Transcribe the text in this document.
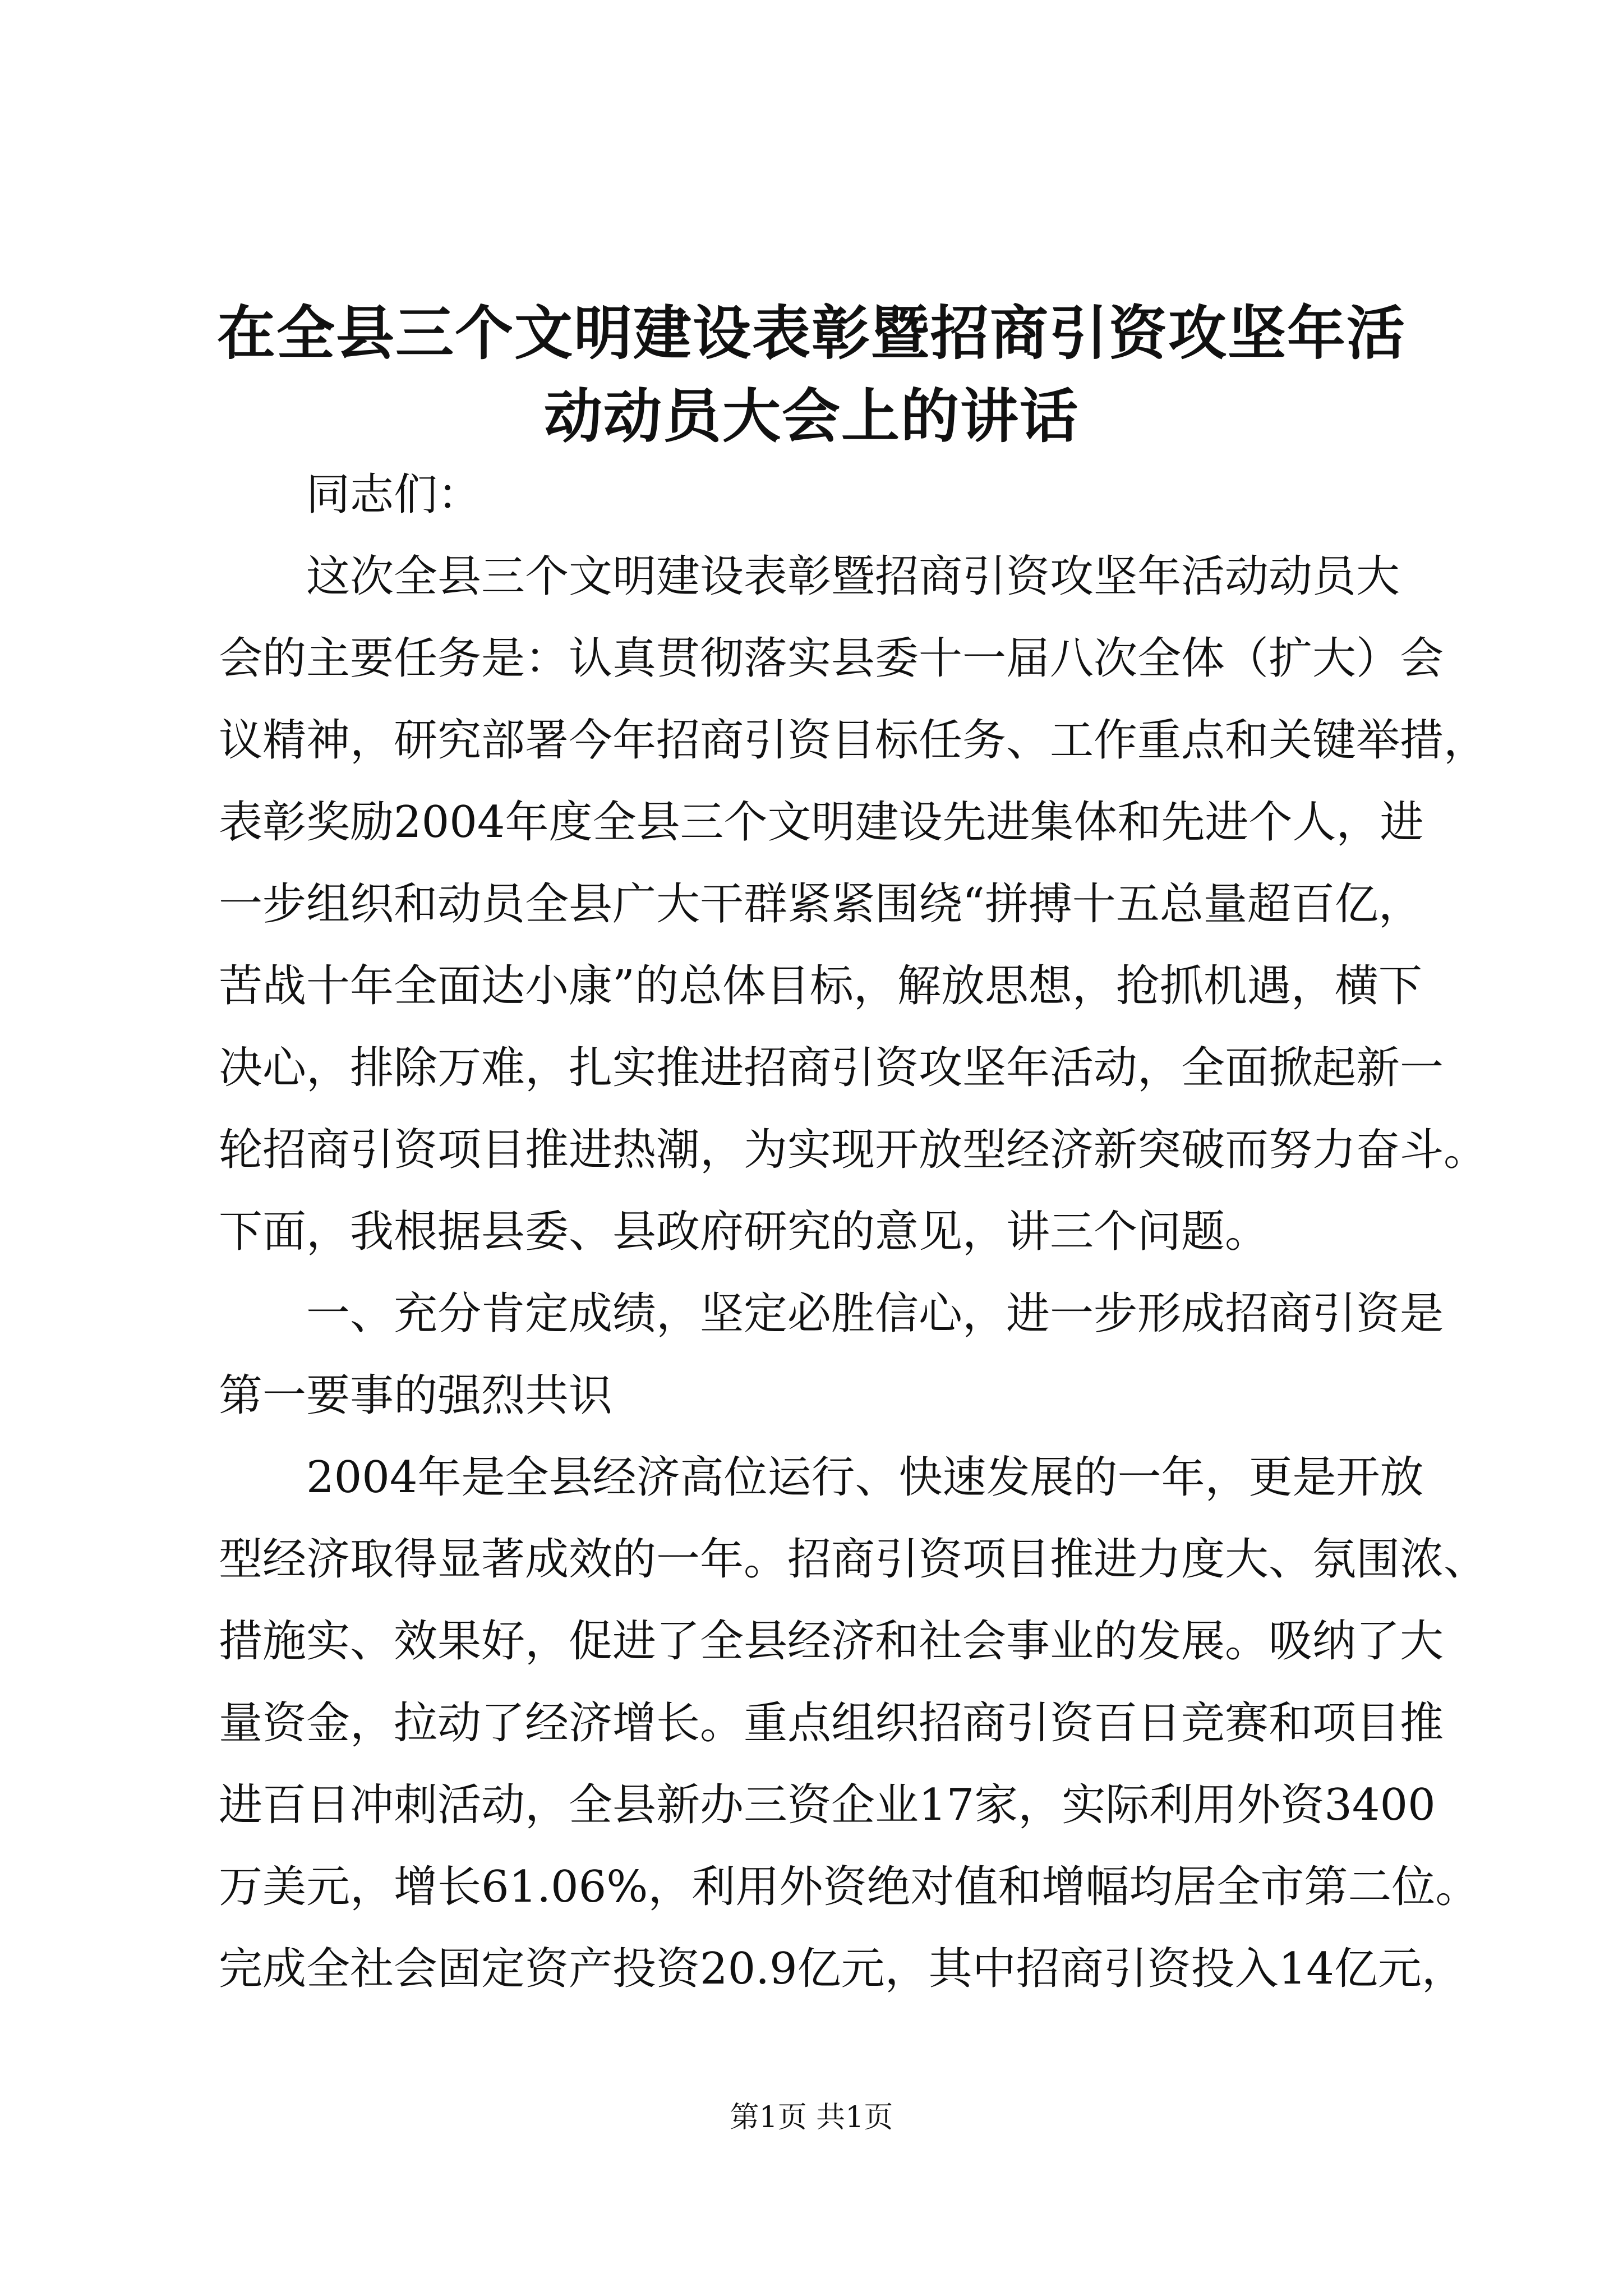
在全县三个文明建设表彰暨招商引资攻坚年活
动动员大会上的讲话

同志们：

这次全县三个文明建设表彰暨招商引资攻坚年活动动员大

会的主要任务是：认真贯彻落实县委十一届八次全体（扩大）会

议精神，研究部署今年招商引资目标任务、工作重点和关键举措，

表彰奖励2004年度全县三个文明建设先进集体和先进个人，进

一步组织和动员全县广大干群紧紧围绕“拼搏十五总量超百亿，

苦战十年全面达小康”的总体目标，解放思想，抢抓机遇，横下

决心，排除万难，扎实推进招商引资攻坚年活动，全面掀起新一

轮招商引资项目推进热潮，为实现开放型经济新突破而努力奋斗。

下面，我根据县委、县政府研究的意见，讲三个问题。

一、充分肯定成绩，坚定必胜信心，进一步形成招商引资是

第一要事的强烈共识

2004年是全县经济高位运行、快速发展的一年，更是开放

型经济取得显著成效的一年。招商引资项目推进力度大、氛围浓、

措施实、效果好，促进了全县经济和社会事业的发展。吸纳了大

量资金，拉动了经济增长。重点组织招商引资百日竞赛和项目推

进百日冲刺活动，全县新办三资企业17家，实际利用外资3400

万美元，增长61.06%，利用外资绝对值和增幅均居全市第二位。

完成全社会固定资产投资20.9亿元，其中招商引资投入14亿元，

第1页 共1页
